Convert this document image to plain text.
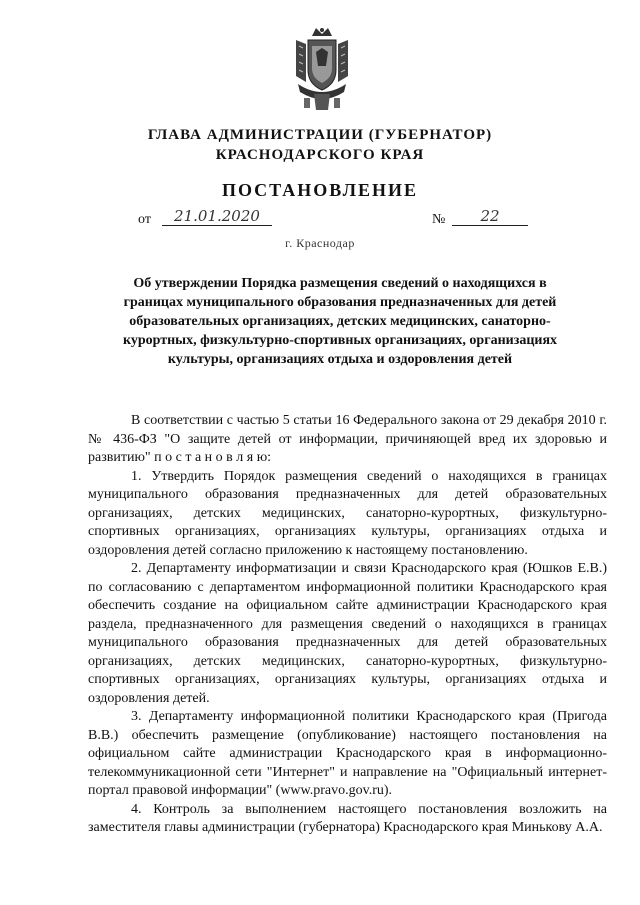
ГЛАВА АДМИНИСТРАЦИИ (ГУБЕРНАТОР)
КРАСНОДАРСКОГО КРАЯ
ПОСТАНОВЛЕНИЕ
от	21.01.2020	№	22
г. Краснодар
Об утверждении Порядка размещения сведений о находящихся в границах муниципального образования предназначенных для детей образовательных организациях, детских медицинских, санаторно-курортных, физкультурно-спортивных организациях, организациях культуры, организациях отдыха и оздоровления детей

В соответствии с частью 5 статьи 16 Федерального закона от 29 декабря 2010 г. № 436-ФЗ "О защите детей от информации, причиняющей вред их здоровью и развитию" п о с т а н о в л я ю:

1. Утвердить Порядок размещения сведений о находящихся в границах муниципального образования предназначенных для детей образовательных организациях, детских медицинских, санаторно-курортных, физкультурно-спортивных организациях, организациях культуры, организациях отдыха и оздоровления детей согласно приложению к настоящему постановлению.

2. Департаменту информатизации и связи Краснодарского края (Юшков Е.В.) по согласованию с департаментом информационной политики Краснодарского края обеспечить создание на официальном сайте администрации Краснодарского края раздела, предназначенного для размещения сведений о находящихся в границах муниципального образования предназначенных для детей образовательных организациях, детских медицинских, санаторно-курортных, физкультурно-спортивных организациях, организациях культуры, организациях отдыха и оздоровления детей.

3. Департаменту информационной политики Краснодарского края (Пригода В.В.) обеспечить размещение (опубликование) настоящего постановления на официальном сайте администрации Краснодарского края в информационно-телекоммуникационной сети "Интернет" и направление на "Официальный интернет-портал правовой информации" (www.pravo.gov.ru).

4. Контроль за выполнением настоящего постановления возложить на заместителя главы администрации (губернатора) Краснодарского края Минькову А.А.
